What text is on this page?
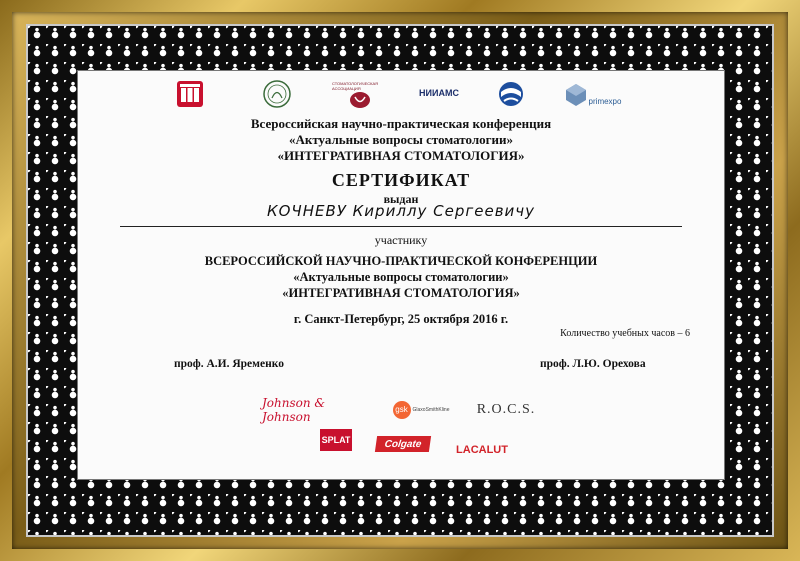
СТОМАТОЛОГИЧЕСКАЯ АССОЦИАЦИЯ	НИИАМС
primexpo
Всероссийская научно-практическая конференция
«Актуальные вопросы стоматологии»
«ИНТЕГРАТИВНАЯ СТОМАТОЛОГИЯ»
СЕРТИФИКАТ
выдан
КОЧНЕВУ Кириллу Сергеевичу
участнику
ВСЕРОССИЙСКОЙ НАУЧНО-ПРАКТИЧЕСКОЙ КОНФЕРЕНЦИИ
«Актуальные вопросы стоматологии»
«ИНТЕГРАТИВНАЯ СТОМАТОЛОГИЯ»
г. Санкт-Петербург, 25 октября 2016 г.
Количество учебных часов – 6
проф. А.И. Яременко	проф. Л.Ю. Орехова
Johnson & Johnson
gsk GlaxoSmithKline R.O.C.S.
SPLAT	Colgate	LACALUT
